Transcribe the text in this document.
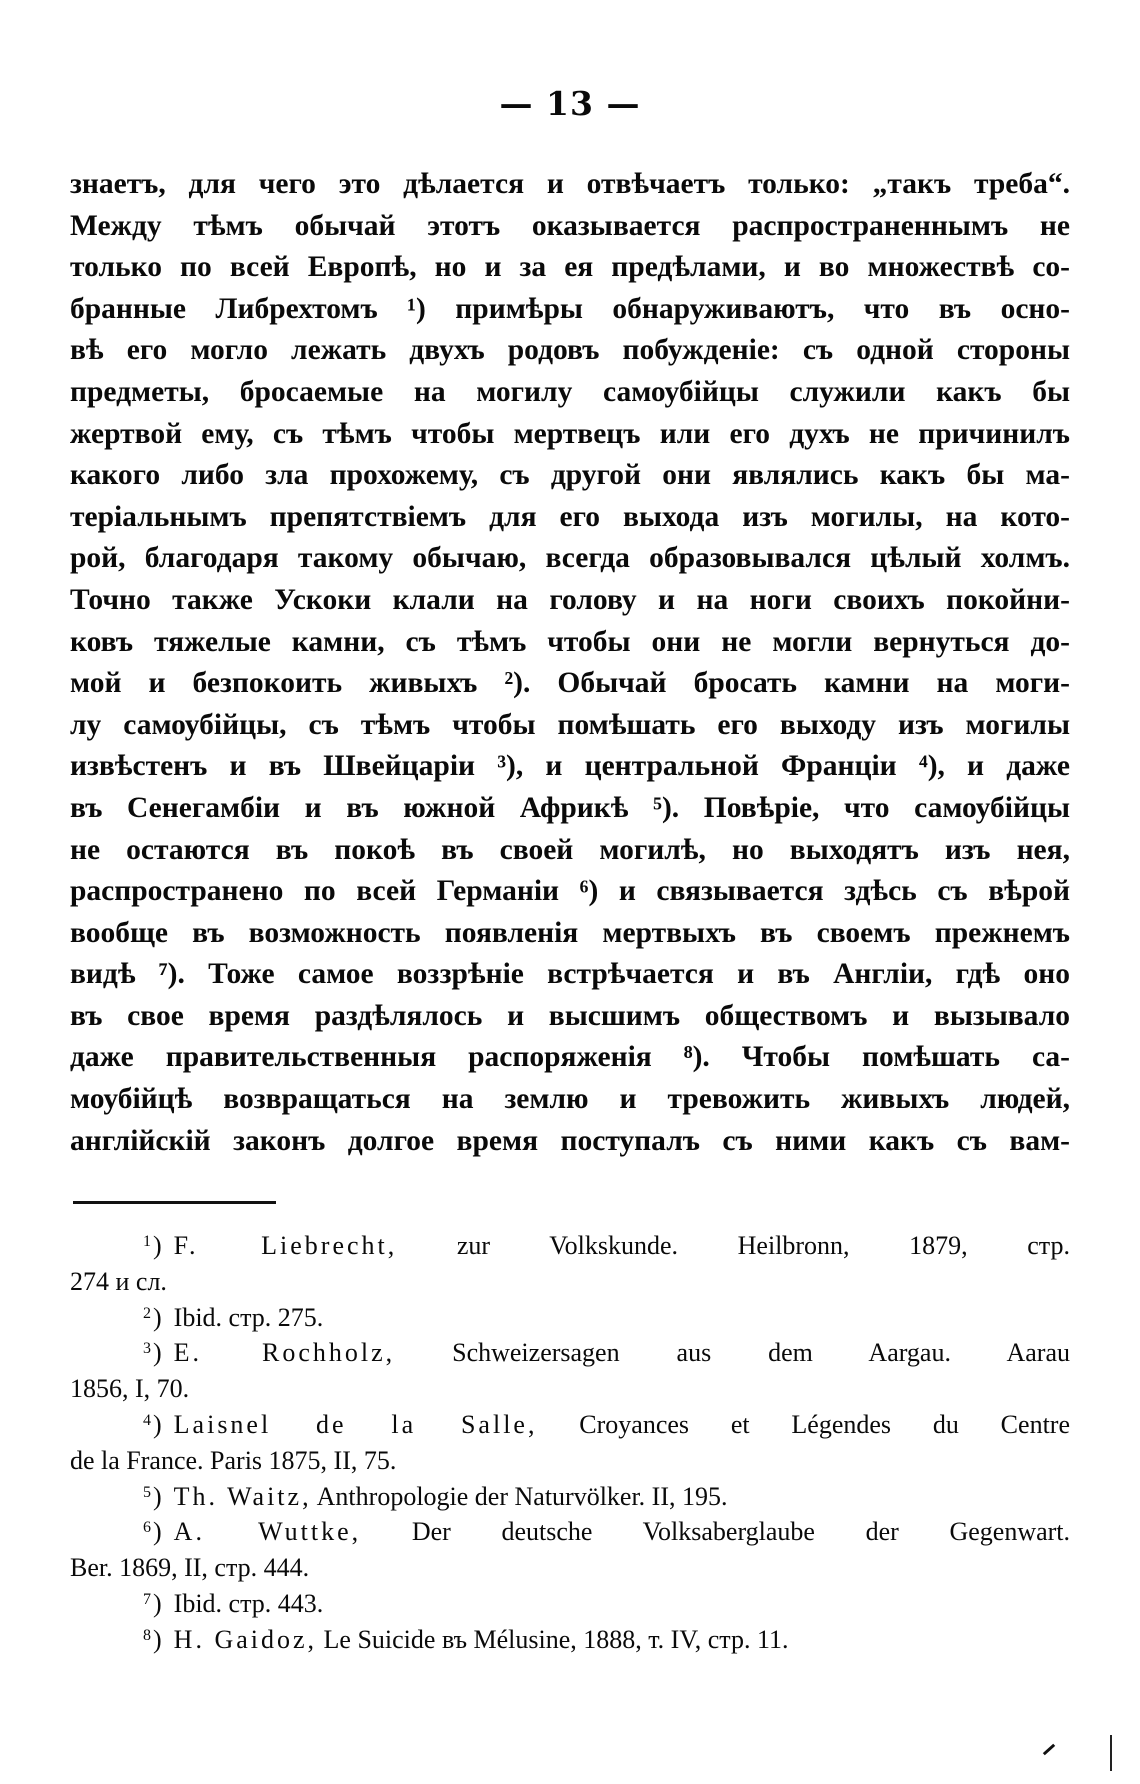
— 13 —
знаетъ, для чего это дѣлается и отвѣчаетъ только: „такъ треба“.
Между тѣмъ обычай этотъ оказывается распространеннымъ не
только по всей Европѣ, но и за ея предѣлами, и во множествѣ со-
бранные Либрехтомъ ¹) примѣры обнаруживаютъ, что въ осно-
вѣ его могло лежать двухъ родовъ побужденіе: съ одной стороны
предметы, бросаемые на могилу самоубійцы служили какъ бы
жертвой ему, съ тѣмъ чтобы мертвецъ или его духъ не причинилъ
какого либо зла прохожему, съ другой они являлись какъ бы ма-
теріальнымъ препятствіемъ для его выхода изъ могилы, на кото-
рой, благодаря такому обычаю, всегда образовывался цѣлый холмъ.
Точно также Ускоки клали на голову и на ноги своихъ покойни-
ковъ тяжелые камни, съ тѣмъ чтобы они не могли вернуться до-
мой и безпокоить живыхъ ²). Обычай бросать камни на моги-
лу самоубійцы, съ тѣмъ чтобы помѣшать его выходу изъ могилы
извѣстенъ и въ Швейцаріи ³), и центральной Франціи ⁴), и даже
въ Сенегамбіи и въ южной Африкѣ ⁵). Повѣріе, что самоубійцы
не остаются въ покоѣ въ своей могилѣ, но выходятъ изъ нея,
распространено по всей Германіи ⁶) и связывается здѣсь съ вѣрой
вообще въ возможность появленія мертвыхъ въ своемъ прежнемъ
видѣ ⁷). Тоже самое воззрѣніе встрѣчается и въ Англіи, гдѣ оно
въ свое время раздѣлялось и высшимъ обществомъ и вызывало
даже правительственныя распоряженія ⁸). Чтобы помѣшать са-
моубійцѣ возвращаться на землю и тревожить живыхъ людей,
англійскій законъ долгое время поступалъ съ ними какъ съ вам-
$^1$) F. Liebrecht, zur Volkskunde. Heilbronn, 1879, стр.
274 и сл.
$^2$) Ibid. стр. 275.
$^3$) E. Rochholz, Schweizersagen aus dem Aargau. Aarau
1856, I, 70.
$^4$) Laisnel de la Salle, Croyances et Légendes du Centre
de la France. Paris 1875, II, 75.
$^5$) Th. Waitz, Anthropologie der Naturvölker. II, 195.
$^6$) A. Wuttke, Der deutsche Volksaberglaube der Gegenwart.
Ber. 1869, II, стр. 444.
$^7$) Ibid. стр. 443.
$^8$) H. Gaidoz, Le Suicide въ Mélusine, 1888, т. IV, стр. 11.
